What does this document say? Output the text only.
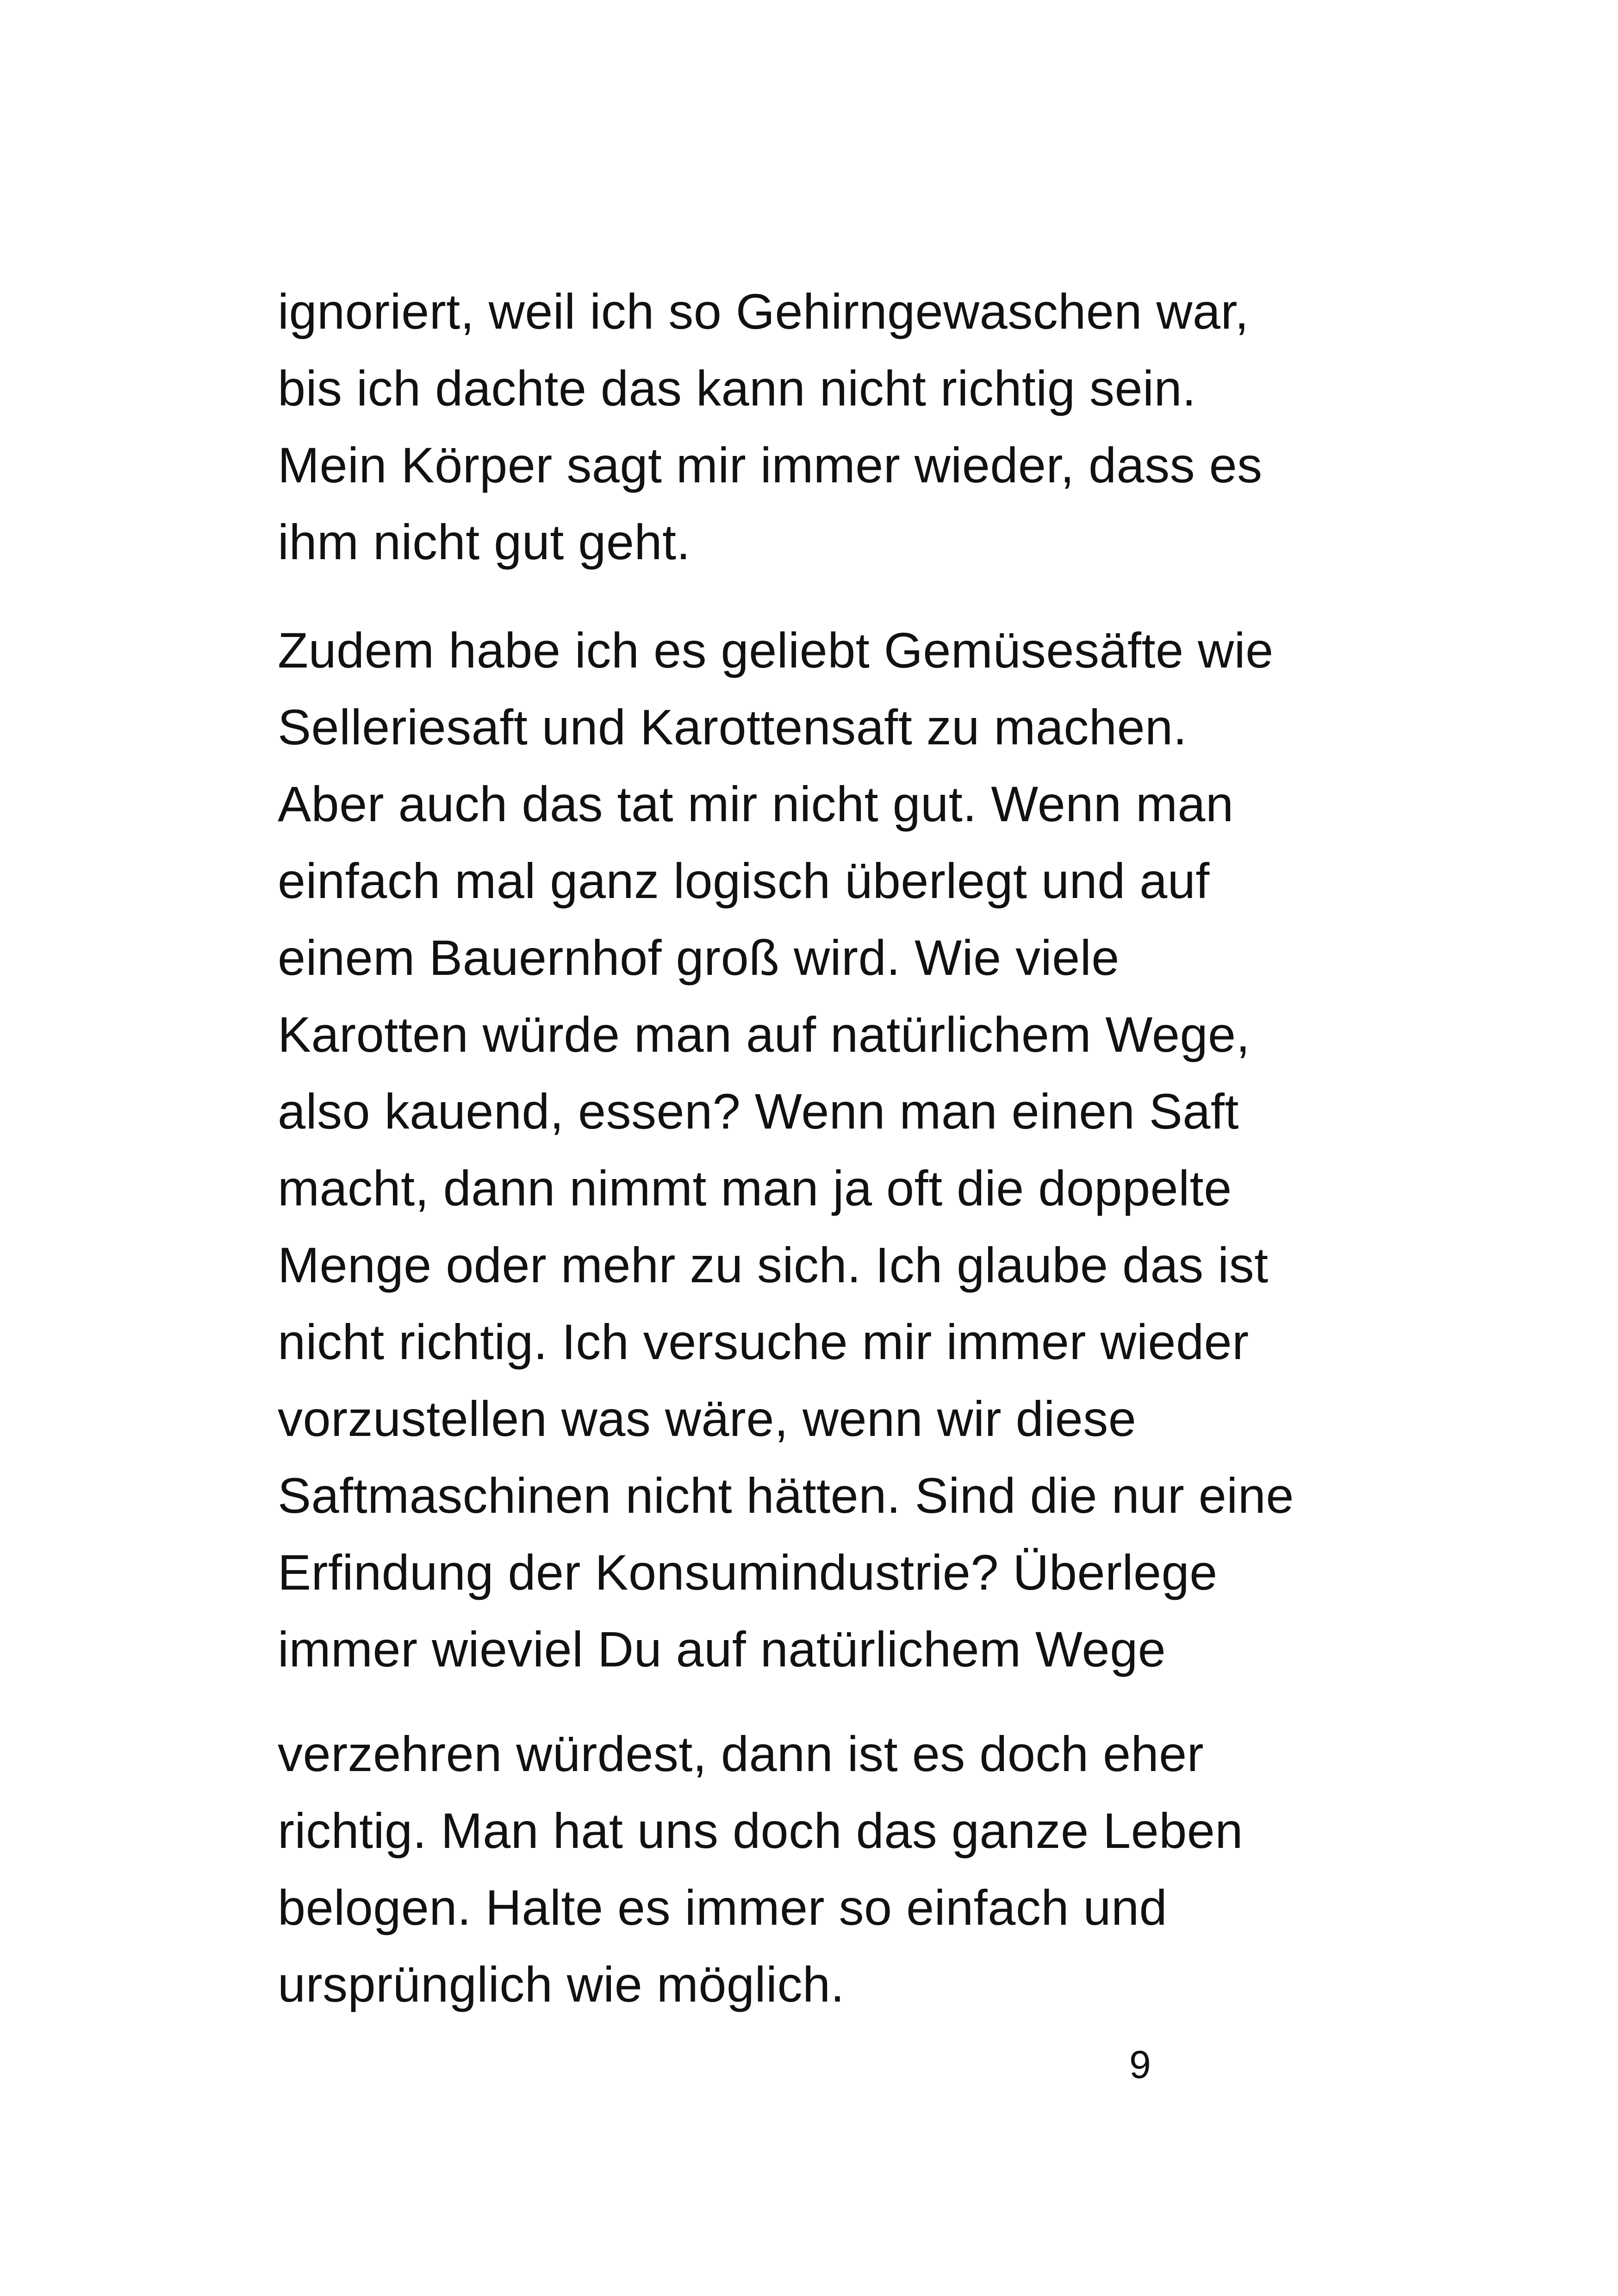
ignoriert, weil ich so Gehirngewaschen war,
bis ich dachte das kann nicht richtig sein.
Mein Körper sagt mir immer wieder, dass es
ihm nicht gut geht.
Zudem habe ich es geliebt Gemüsesäfte wie
Selleriesaft und Karottensaft zu machen.
Aber auch das tat mir nicht gut. Wenn man
einfach mal ganz logisch überlegt und auf
einem Bauernhof groß wird. Wie viele
Karotten würde man auf natürlichem Wege,
also kauend, essen? Wenn man einen Saft
macht, dann nimmt man ja oft die doppelte
Menge oder mehr zu sich. Ich glaube das ist
nicht richtig. Ich versuche mir immer wieder
vorzustellen was wäre, wenn wir diese
Saftmaschinen nicht hätten. Sind die nur eine
Erfindung der Konsumindustrie? Überlege
immer wieviel Du auf natürlichem Wege
verzehren würdest, dann ist es doch eher
richtig. Man hat uns doch das ganze Leben
belogen. Halte es immer so einfach und
ursprünglich wie möglich.
9
